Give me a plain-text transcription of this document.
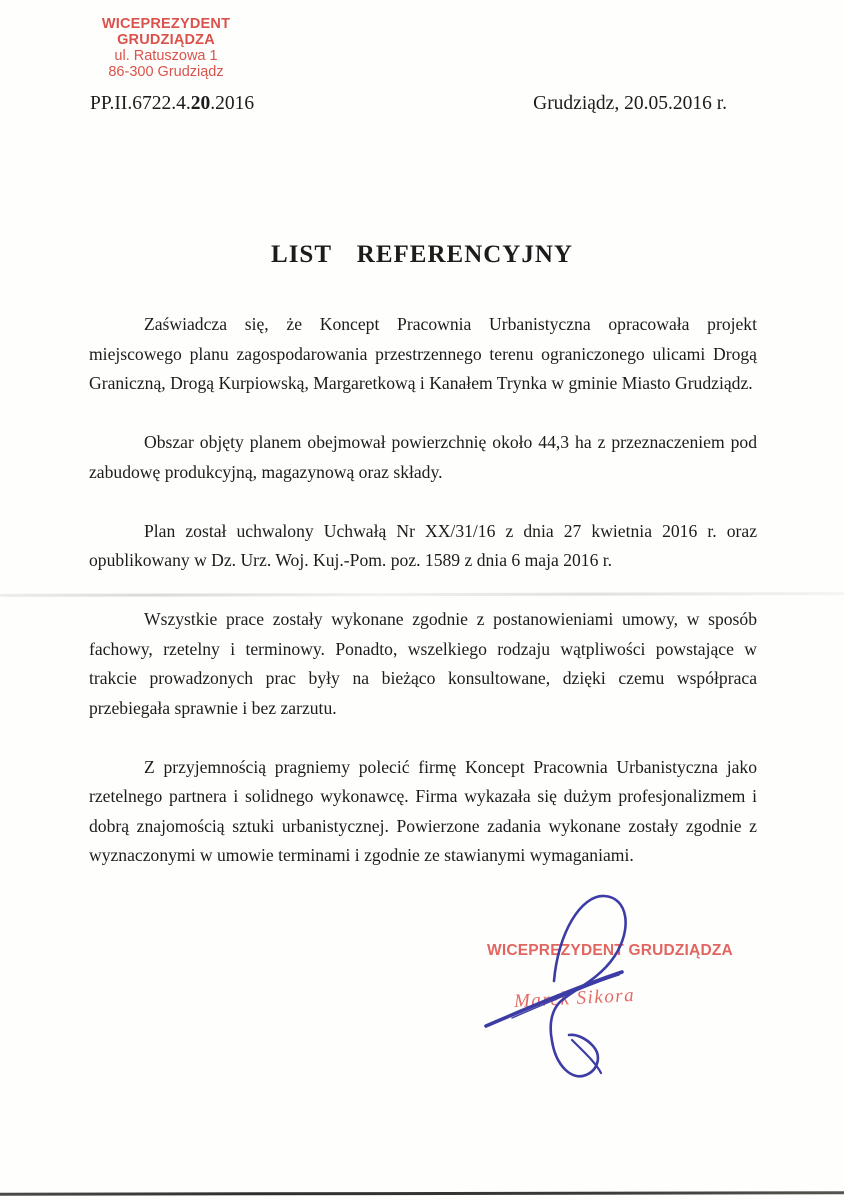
WICEPREZYDENT GRUDZIĄDZA
ul. Ratuszowa 1
86-300 Grudziądz
PP.II.6722.4.20.2016	Grudziądz, 20.05.2016 r.
LIST REFERENCYJNY

Zaświadcza się, że Koncept Pracownia Urbanistyczna opracowała projekt
miejscowego planu zagospodarowania przestrzennego terenu ograniczonego ulicami Drogą
Graniczną, Drogą Kurpiowską, Margaretkową i Kanałem Trynka w gminie Miasto Grudziądz.

Obszar objęty planem obejmował powierzchnię około 44,3 ha z przeznaczeniem pod
zabudowę produkcyjną, magazynową oraz składy.

Plan został uchwalony Uchwałą Nr XX/31/16 z dnia 27 kwietnia 2016 r. oraz
opublikowany w Dz. Urz. Woj. Kuj.-Pom. poz. 1589 z dnia 6 maja 2016 r.

Wszystkie prace zostały wykonane zgodnie z postanowieniami umowy, w sposób
fachowy, rzetelny i terminowy. Ponadto, wszelkiego rodzaju wątpliwości powstające w
trakcie prowadzonych prac były na bieżąco konsultowane, dzięki czemu współpraca
przebiegała sprawnie i bez zarzutu.

Z przyjemnością pragniemy polecić firmę Koncept Pracownia Urbanistyczna jako
rzetelnego partnera i solidnego wykonawcę. Firma wykazała się dużym profesjonalizmem i
dobrą znajomością sztuki urbanistycznej. Powierzone zadania wykonane zostały zgodnie z
wyznaczonymi w umowie terminami i zgodnie ze stawianymi wymaganiami.

WICEPREZYDENT GRUDZIĄDZA
Marek Sikora
